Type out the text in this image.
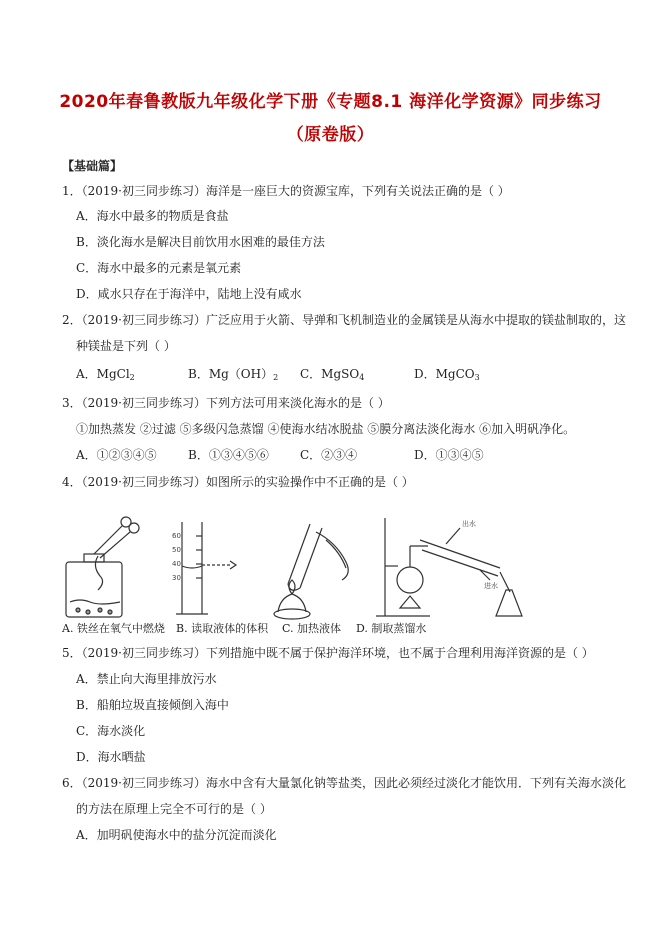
2020年春鲁教版九年级化学下册《专题8.1 海洋化学资源》同步练习
（原卷版）
【基础篇】
1．（2019·初三同步练习）海洋是一座巨大的资源宝库，下列有关说法正确的是（ ）
A．海水中最多的物质是食盐
B．淡化海水是解决目前饮用水困难的最佳方法
C．海水中最多的元素是氧元素
D．咸水只存在于海洋中，陆地上没有咸水
2．（2019·初三同步练习）广泛应用于火箭、导弹和飞机制造业的金属镁是从海水中提取的镁盐制取的，这
种镁盐是下列（ ）
A．MgCl$_2$	B．$Mg(OH)_2$ C．MgSO$_4$	D．MgCO$_3$
3．（2019·初三同步练习）下列方法可用来淡化海水的是（ ）
①加热蒸发 ②过滤 ⑤多级闪急蒸馏 ④使海水结冰脱盐 ⑤膜分离法淡化海水 ⑥加入明矾净化。
A．①②③④⑤	B．①③④⑤⑥	C．②③④	D．①③④⑤
4．（2019·初三同步练习）如图所示的实验操作中不正确的是（ ）
60
50
40
30
出水
进水
A. 铁丝在氧气中燃烧 B. 读取液体的体积 C. 加热液体 D. 制取蒸馏水
5．（2019·初三同步练习）下列措施中既不属于保护海洋环境，也不属于合理利用海洋资源的是（ ）
A．禁止向大海里排放污水
B．船舶垃圾直接倾倒入海中
C．海水淡化
D．海水晒盐
6．（2019·初三同步练习）海水中含有大量氯化钠等盐类，因此必须经过淡化才能饮用．下列有关海水淡化
的方法在原理上完全不可行的是（ ）
A．加明矾使海水中的盐分沉淀而淡化
